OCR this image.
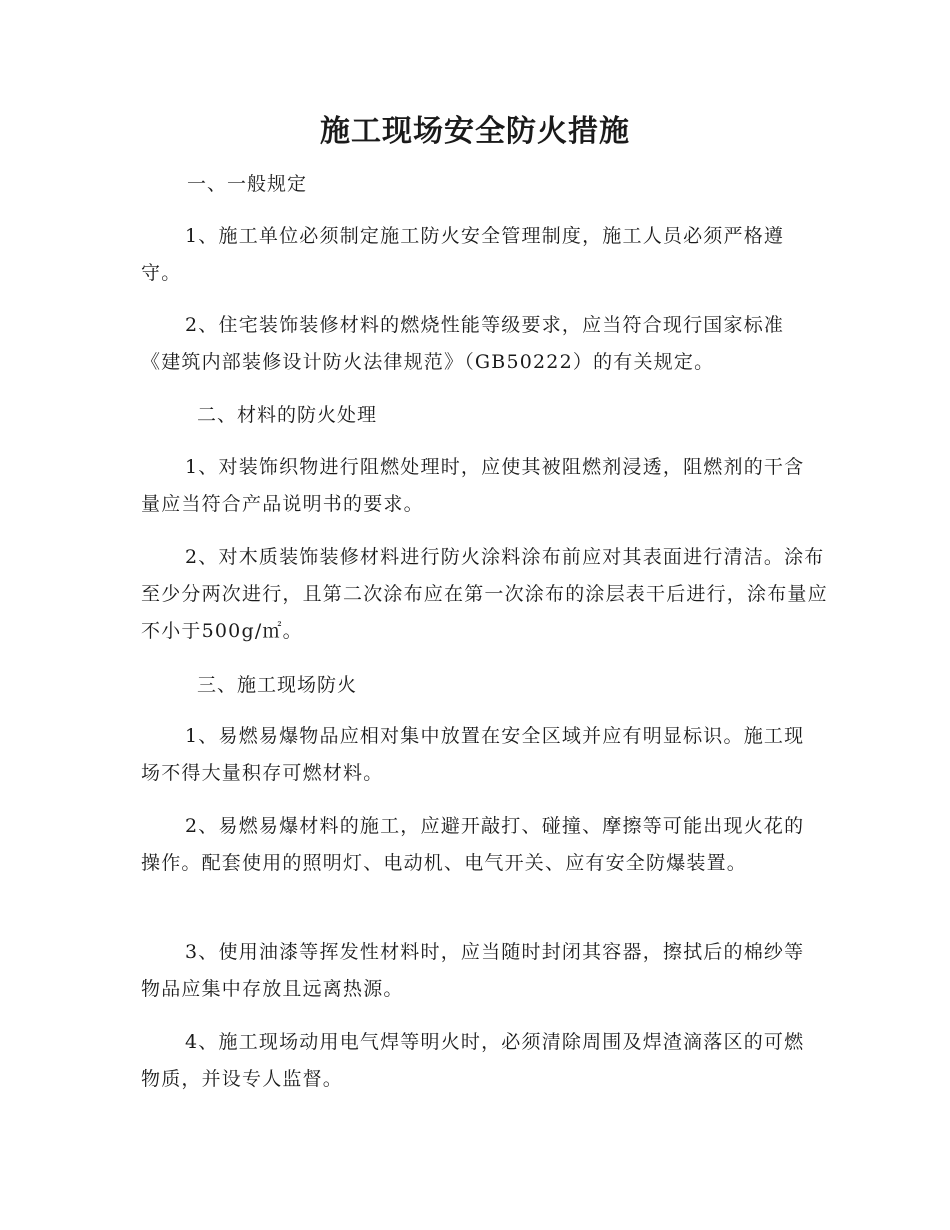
施工现场安全防火措施

一、一般规定

1、施工单位必须制定施工防火安全管理制度，施工人员必须严格遵守。

2、住宅装饰装修材料的燃烧性能等级要求，应当符合现行国家标准《建筑内部装修设计防火法律规范》（GB50222）的有关规定。

二、材料的防火处理

1、对装饰织物进行阻燃处理时，应使其被阻燃剂浸透，阻燃剂的干含量应当符合产品说明书的要求。

2、对木质装饰装修材料进行防火涂料涂布前应对其表面进行清洁。涂布至少分两次进行，且第二次涂布应在第一次涂布的涂层表干后进行，涂布量应不小于500g/㎡。

三、施工现场防火

1、易燃易爆物品应相对集中放置在安全区域并应有明显标识。施工现场不得大量积存可燃材料。

2、易燃易爆材料的施工，应避开敲打、碰撞、摩擦等可能出现火花的操作。配套使用的照明灯、电动机、电气开关、应有安全防爆装置。

3、使用油漆等挥发性材料时，应当随时封闭其容器，擦拭后的棉纱等物品应集中存放且远离热源。

4、施工现场动用电气焊等明火时，必须清除周围及焊渣滴落区的可燃物质，并设专人监督。
